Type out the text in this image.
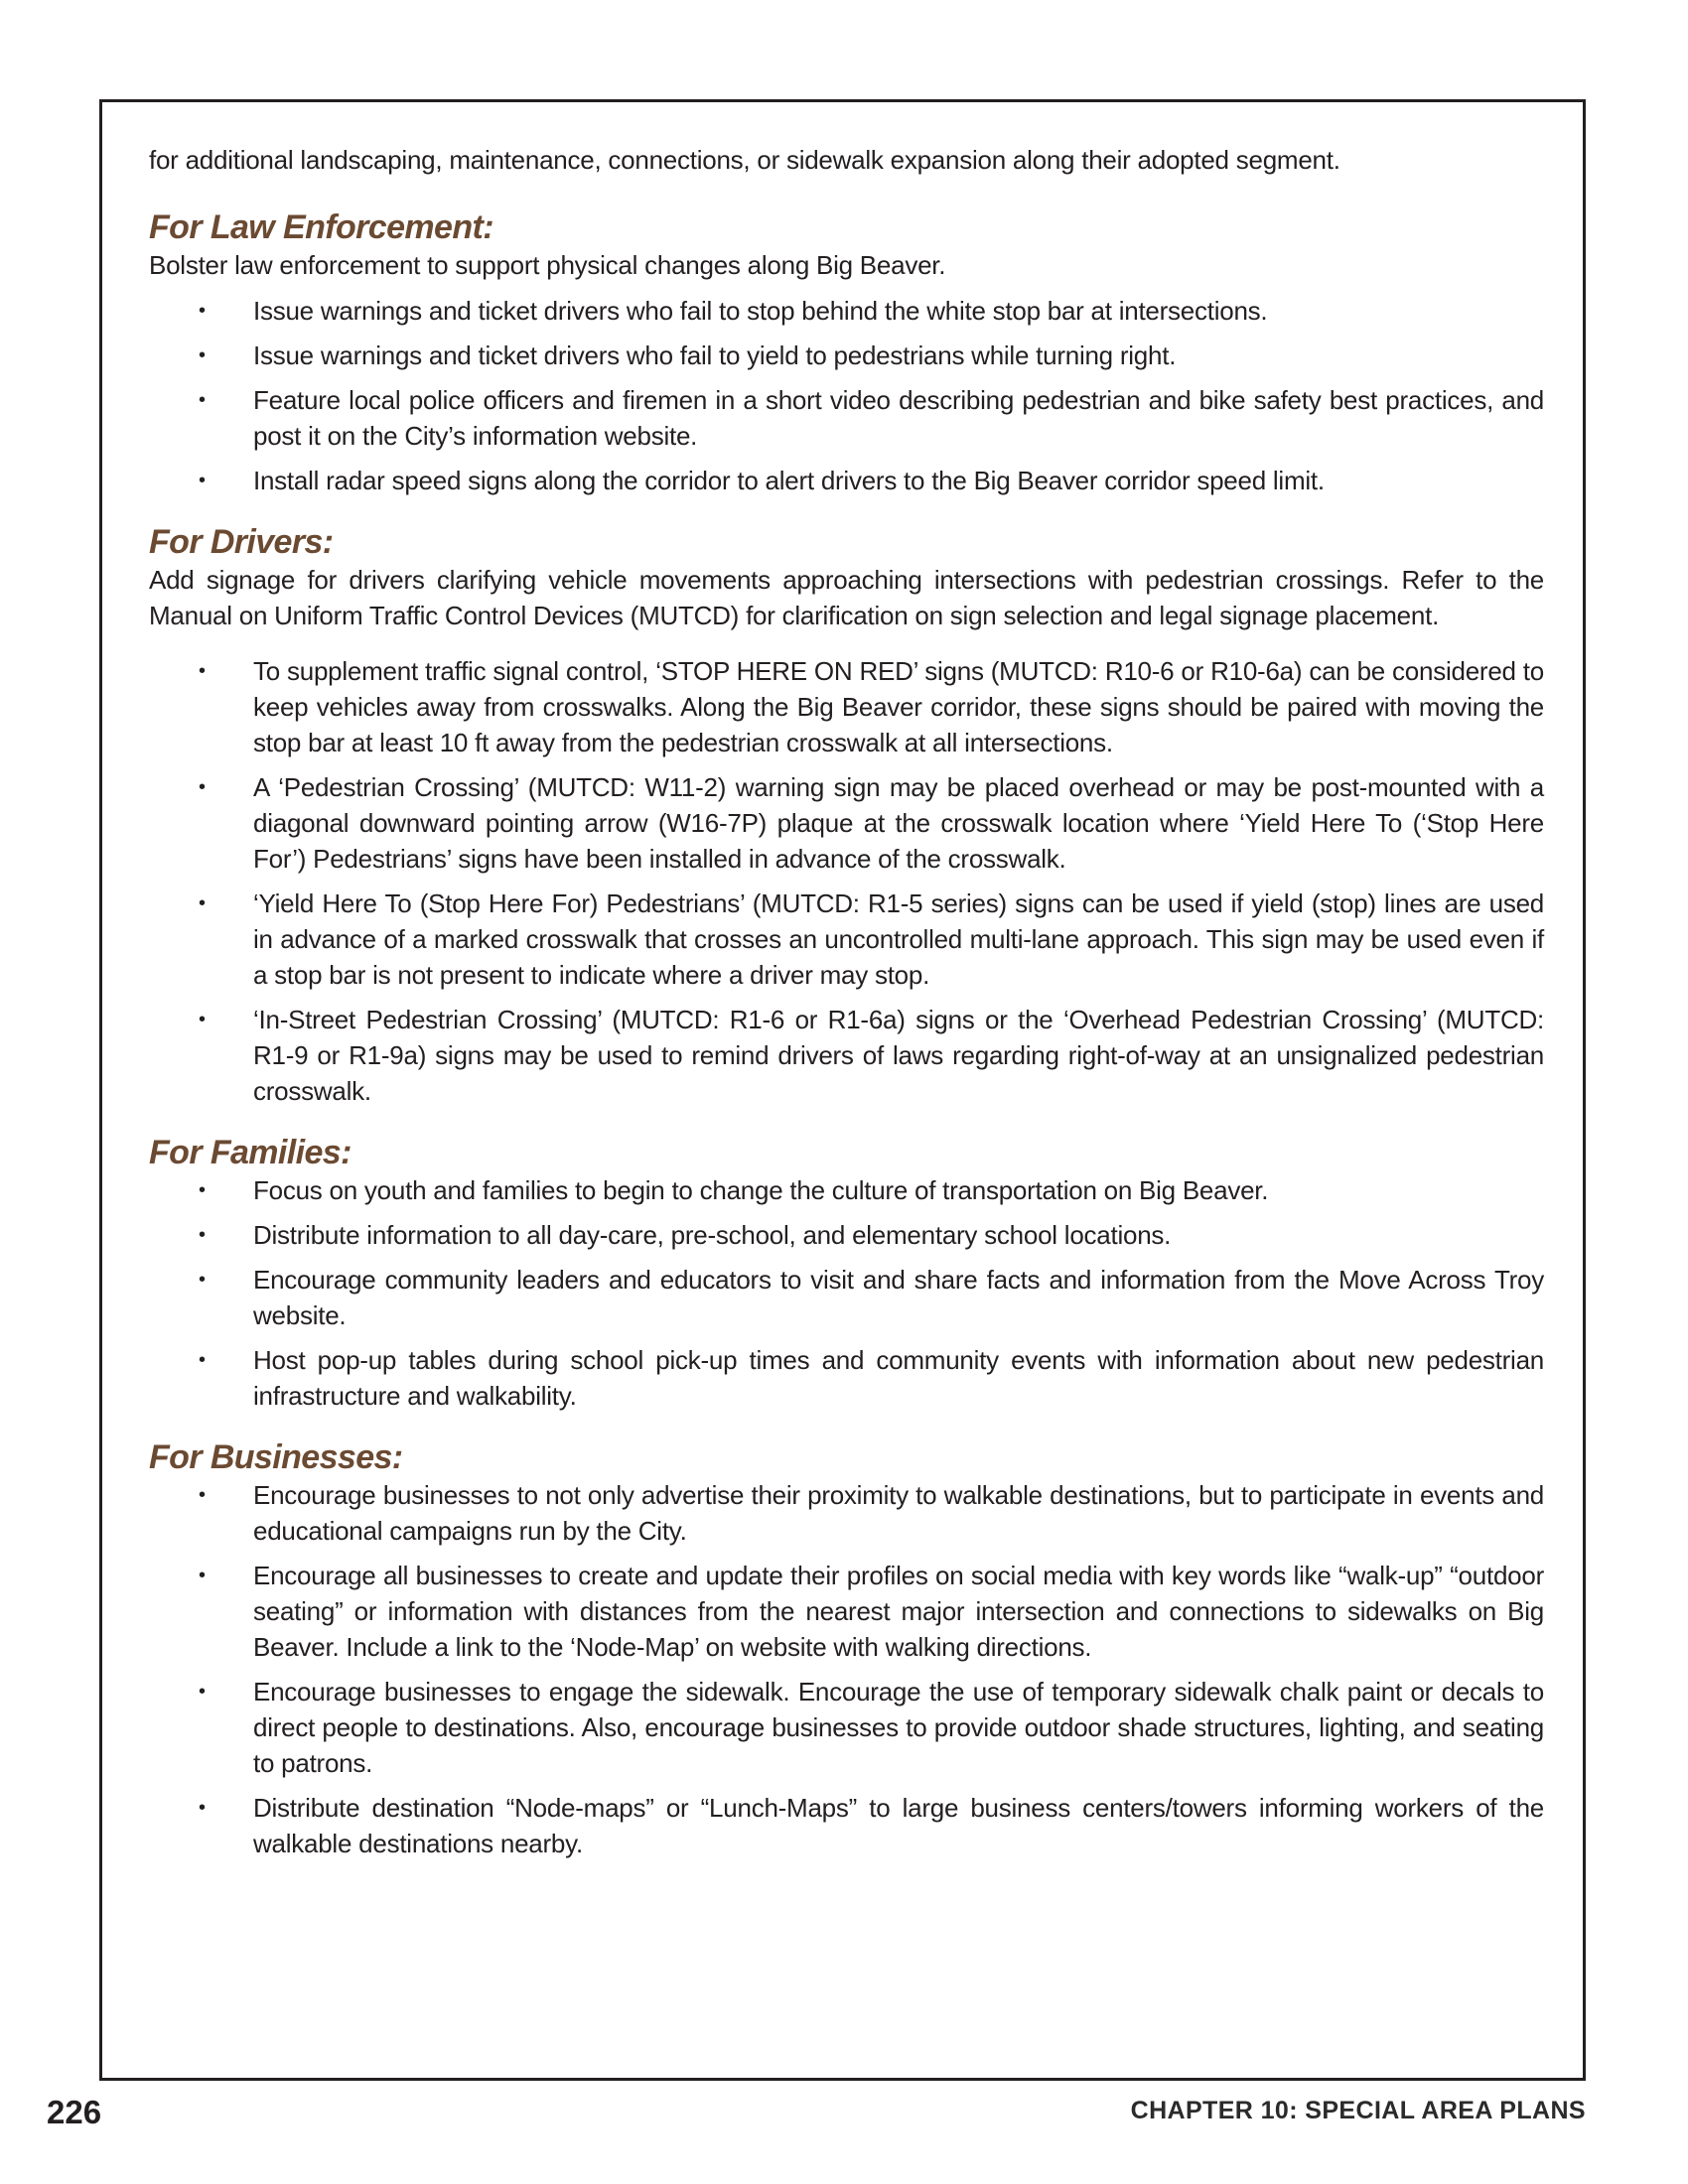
for additional landscaping, maintenance, connections, or sidewalk expansion along their adopted segment.

For Law Enforcement:

Bolster law enforcement to support physical changes along Big Beaver.

• Issue warnings and ticket drivers who fail to stop behind the white stop bar at intersections.
• Issue warnings and ticket drivers who fail to yield to pedestrians while turning right.
• Feature local police officers and firemen in a short video describing pedestrian and bike safety best practices, and post it on the City’s information website.
• Install radar speed signs along the corridor to alert drivers to the Big Beaver corridor speed limit.
For Drivers:

Add signage for drivers clarifying vehicle movements approaching intersections with pedestrian crossings. Refer to the Manual on Uniform Traffic Control Devices (MUTCD) for clarification on sign selection and legal signage placement.

• To supplement traffic signal control, ‘STOP HERE ON RED’ signs (MUTCD: R10-6 or R10-6a) can be considered to keep vehicles away from crosswalks. Along the Big Beaver corridor, these signs should be paired with moving the stop bar at least 10 ft away from the pedestrian crosswalk at all intersections.
• A ‘Pedestrian Crossing’ (MUTCD: W11-2) warning sign may be placed overhead or may be post-mounted with a diagonal downward pointing arrow (W16-7P) plaque at the crosswalk location where ‘Yield Here To (‘Stop Here For’) Pedestrians’ signs have been installed in advance of the crosswalk.
• ‘Yield Here To (Stop Here For) Pedestrians’ (MUTCD: R1-5 series) signs can be used if yield (stop) lines are used in advance of a marked crosswalk that crosses an uncontrolled multi-lane approach. This sign may be used even if a stop bar is not present to indicate where a driver may stop.
• ‘In-Street Pedestrian Crossing’ (MUTCD: R1-6 or R1-6a) signs or the ‘Overhead Pedestrian Crossing’ (MUTCD: R1-9 or R1-9a) signs may be used to remind drivers of laws regarding right-of-way at an unsignalized pedestrian crosswalk.
For Families:
• Focus on youth and families to begin to change the culture of transportation on Big Beaver.
• Distribute information to all day-care, pre-school, and elementary school locations.
• Encourage community leaders and educators to visit and share facts and information from the Move Across Troy website.
• Host pop-up tables during school pick-up times and community events with information about new pedestrian infrastructure and walkability.
For Businesses:
• Encourage businesses to not only advertise their proximity to walkable destinations, but to participate in events and educational campaigns run by the City.
• Encourage all businesses to create and update their profiles on social media with key words like “walk-up” “outdoor seating” or information with distances from the nearest major intersection and connections to sidewalks on Big Beaver. Include a link to the ‘Node-Map’ on website with walking directions.
• Encourage businesses to engage the sidewalk. Encourage the use of temporary sidewalk chalk paint or decals to direct people to destinations. Also, encourage businesses to provide outdoor shade structures, lighting, and seating to patrons.
• Distribute destination “Node-maps” or “Lunch-Maps” to large business centers/towers informing workers of the walkable destinations nearby.
226	CHAPTER 10: SPECIAL AREA PLANS
